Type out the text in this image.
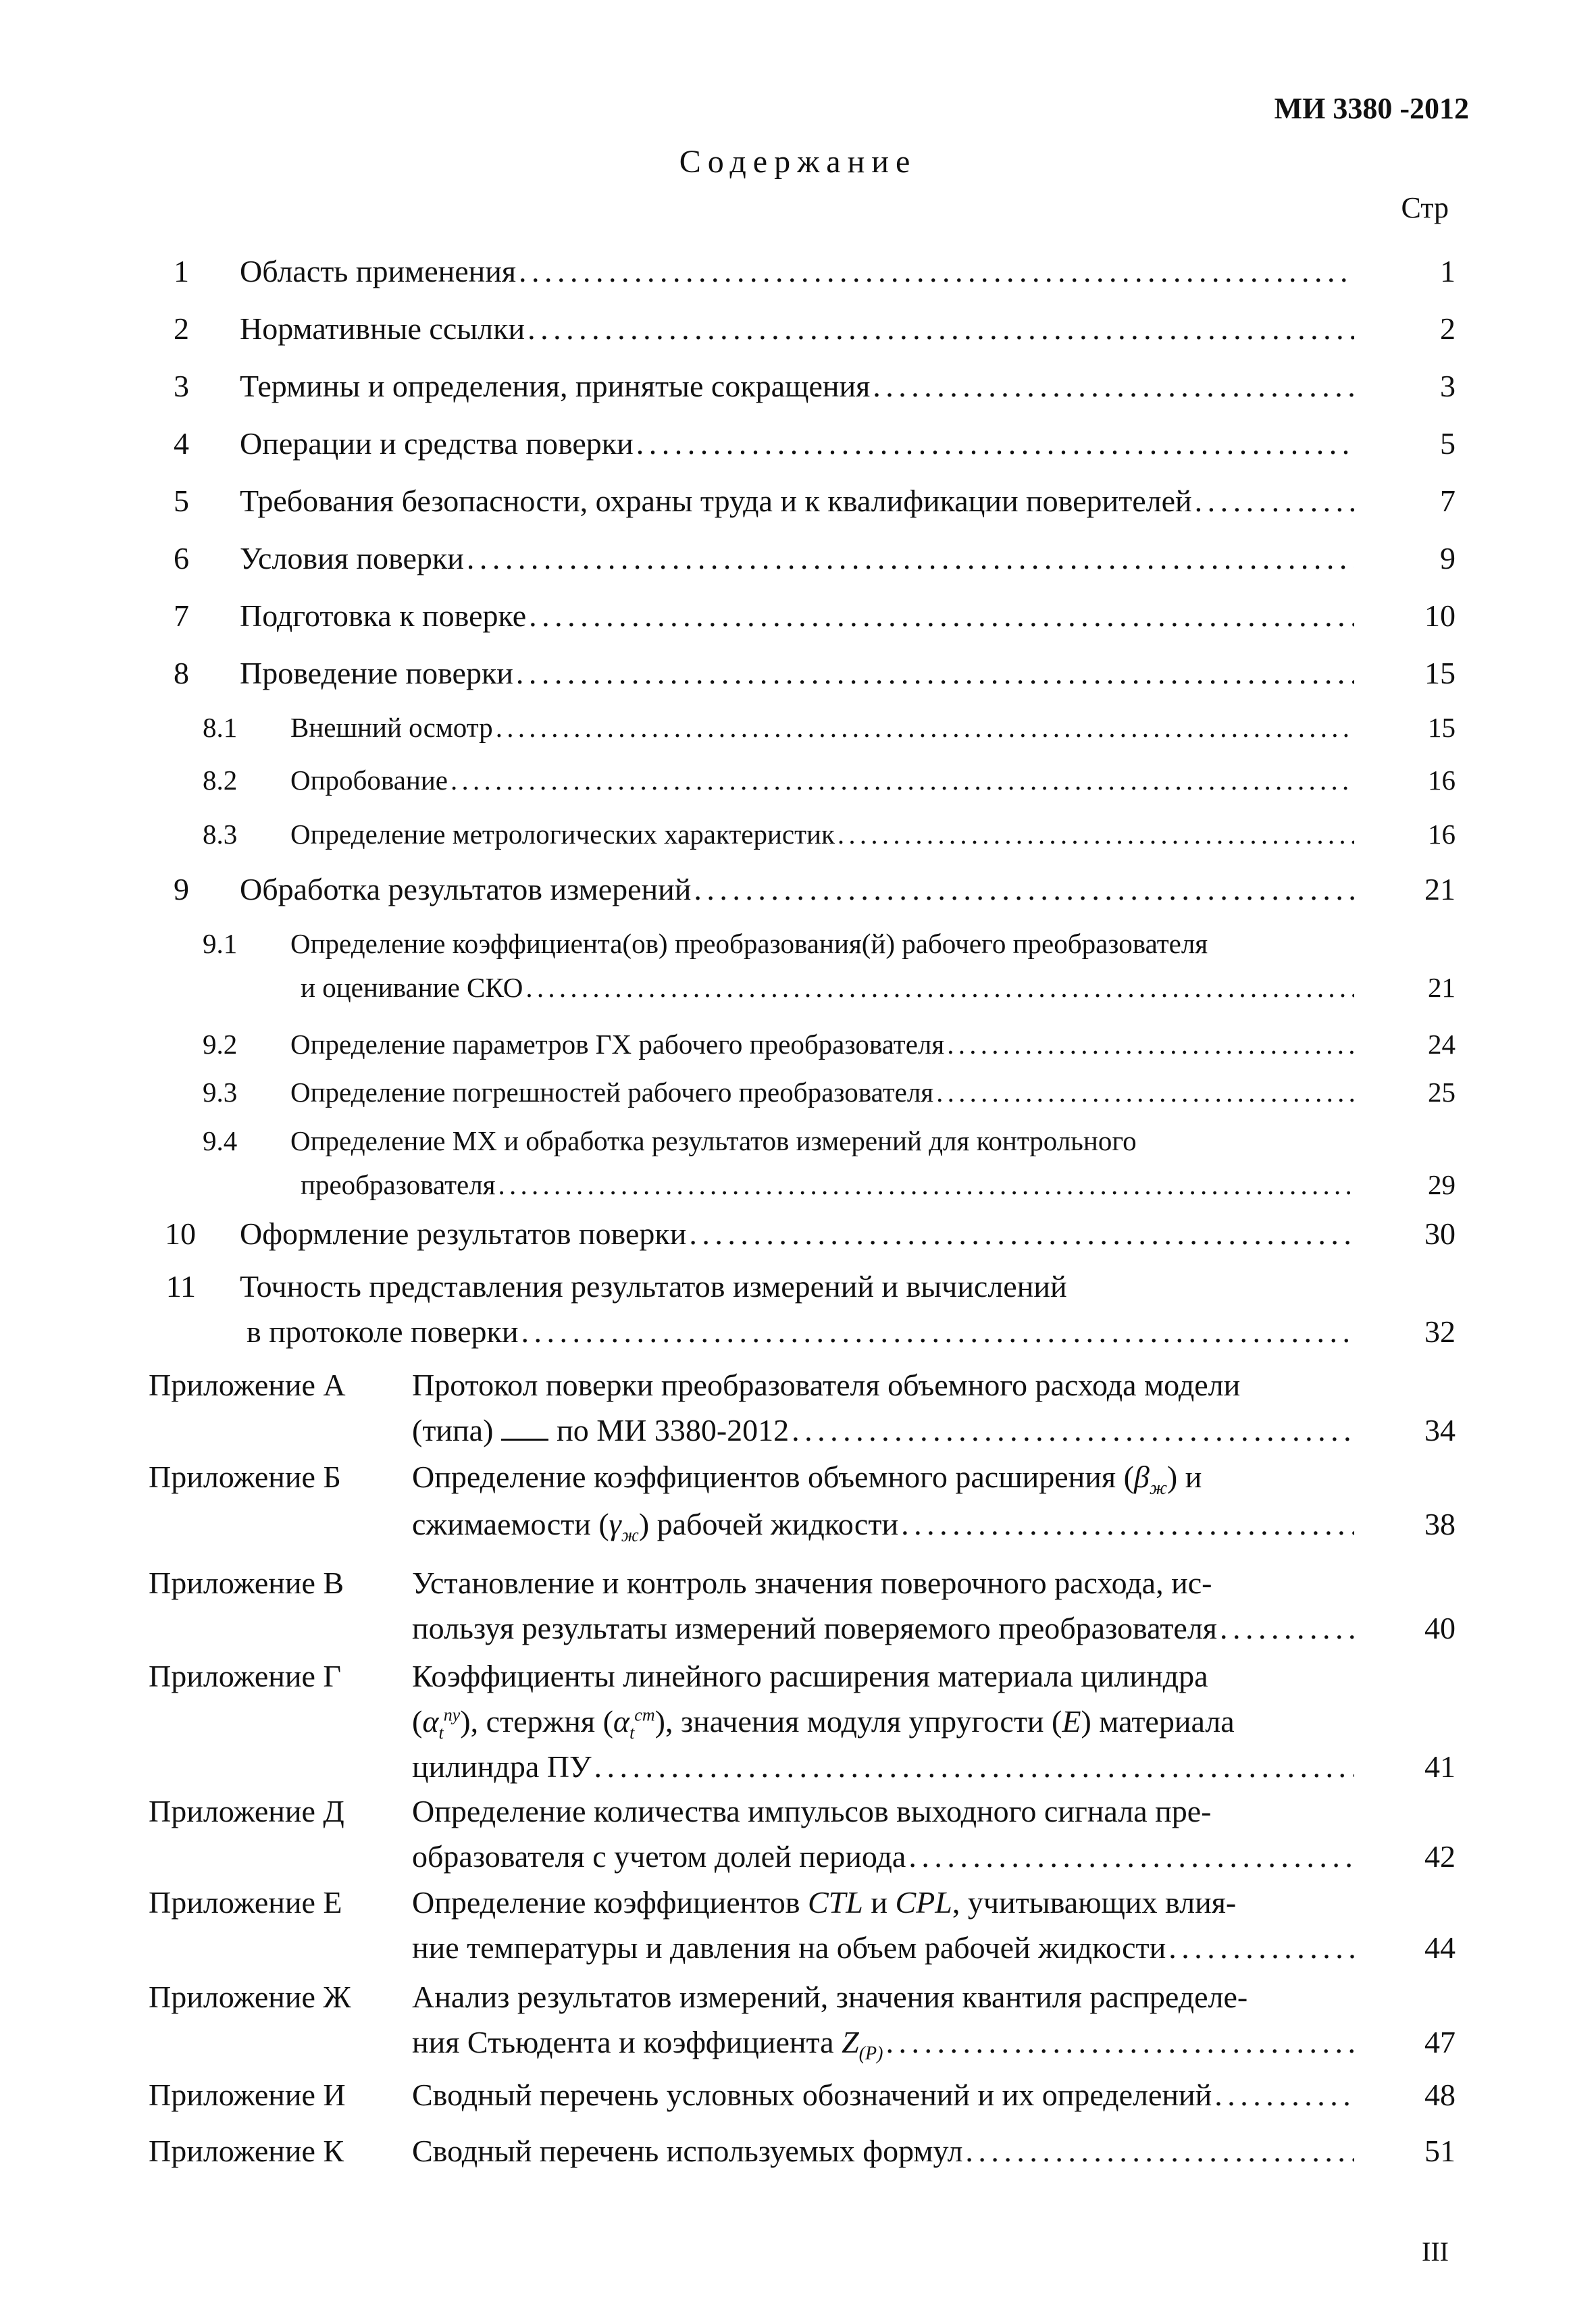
МИ 3380 -2012
Содержание
Стр
1 Область применения . . .	1
2 Нормативные ссылки . . .	2
3 Термины и определения, принятые сокращения . . .	3
4 Операции и средства поверки . . .	5
5 Требования безопасности, охраны труда и к квалификации поверителей . . .	7
6 Условия поверки . . .	9
7 Подготовка к поверке . . .	10
8 Проведение поверки . . .	15
8.1	Внешний осмотр . . .	15
8.2	Опробование . . .	16
8.3	Определение метрологических характеристик . . .	16
9 Обработка результатов измерений . . .	21
9.1	Определение коэффициента(ов) преобразования(й) рабочего преобразователя
и оценивание СКО . . .	21
9.2	Определение параметров ГХ рабочего преобразователя . . .	24
9.3	Определение погрешностей рабочего преобразователя . . .	25
9.4	Определение МХ и обработка результатов измерений для контрольного
преобразователя . . .	29
10 Оформление результатов поверки . . .	30
11 Точность представления результатов измерений и вычислений
в протоколе поверки . . .	32
Приложение А Протокол поверки преобразователя объемного расхода модели
(типа) по МИ 3380-2012 . . .	34
Приложение Б Определение коэффициентов объемного расширения $(\beta_ж)$ и
сжимаемости $(\gamma_ж)$ рабочей жидкости . . .	38
Приложение В Установление и контроль значения поверочного расхода, ис-
пользуя результаты измерений поверяемого преобразователя . . .	40
Приложение Г Коэффициенты линейного расширения материала цилиндра
$(\alpha_t^{пу})$, стержня $(\alpha_t^{ст})$, значения модуля упругости (E) материала
цилиндра ПУ . . .	41
Приложение Д Определение количества импульсов выходного сигнала пре-
образователя с учетом долей периода . . .	42
Приложение Е Определение коэффициентов CTL и CPL, учитывающих влия-
ние температуры и давления на объем рабочей жидкости . . .	44
Приложение Ж Анализ результатов измерений, значения квантиля распределе-
ния Стьюдента и коэффициента $Z_{(P)}$ . . .	47
Приложение И Сводный перечень условных обозначений и их определений . . .	48
Приложение К Сводный перечень используемых формул . . .	51
III
